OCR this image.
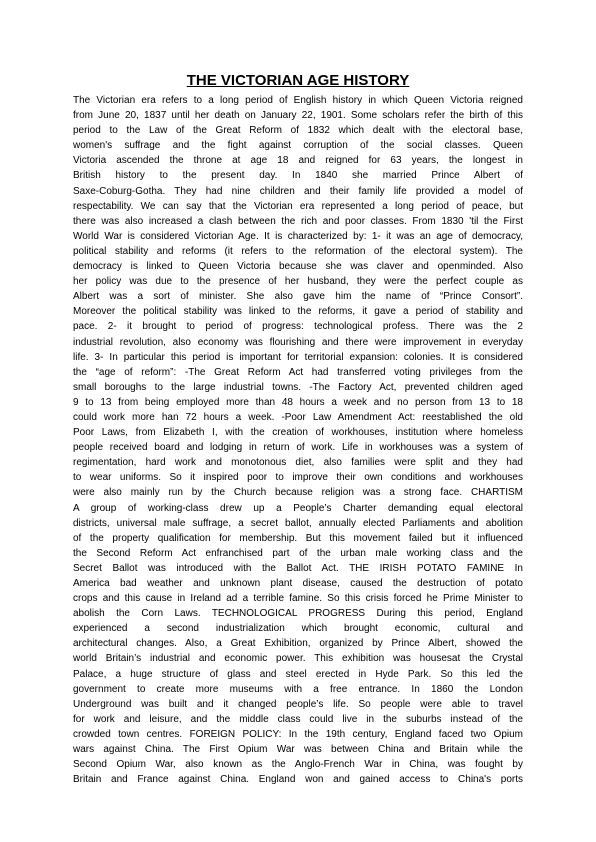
THE VICTORIAN AGE HISTORY
The Victorian era refers to a long period of English history in which Queen Victoria reigned
from June 20, 1837 until her death on January 22, 1901. Some scholars refer the birth of this
period to the Law of the Great Reform of 1832 which dealt with the electoral base,
women's suffrage and the fight against corruption of the social classes. Queen
Victoria ascended the throne at age 18 and reigned for 63 years, the longest in
British history to the present day. In 1840 she married Prince Albert of
Saxe-Coburg-Gotha. They had nine children and their family life provided a model of
respectability. We can say that the Victorian era represented a long period of peace, but
there was also increased a clash between the rich and poor classes. From 1830 'til the First
World War is considered Victorian Age. It is characterized by: 1- it was an age of democracy,
political stability and reforms (it refers to the reformation of the electoral system). The
democracy is linked to Queen Victoria because she was claver and openminded. Also
her policy was due to the presence of her husband, they were the perfect couple as
Albert was a sort of minister. She also gave him the name of “Prince Consort”.
Moreover the political stability was linked to the reforms, it gave a period of stability and
pace. 2- it brought to period of progress: technological profess. There was the 2
industrial revolution, also economy was flourishing and there were improvement in everyday
life. 3- In particular this period is important for territorial expansion: colonies. It is considered
the “age of reform”: -The Great Reform Act had transferred voting privileges from the
small boroughs to the large industrial towns. -The Factory Act, prevented children aged
9 to 13 from being employed more than 48 hours a week and no person from 13 to 18
could work more han 72 hours a week. -Poor Law Amendment Act: reestablished the old
Poor Laws, from Elizabeth I, with the creation of workhouses, institution where homeless
people received board and lodging in return of work. Life in workhouses was a system of
regimentation, hard work and monotonous diet, also families were split and they had
to wear uniforms. So it inspired poor to improve their own conditions and workhouses
were also mainly run by the Church because religion was a strong face. CHARTISM
A group of working-class drew up a People’s Charter demanding equal electoral
districts, universal male suffrage, a secret ballot, annually elected Parliaments and abolition
of the property qualification for membership. But this movement failed but it influenced
the Second Reform Act enfranchised part of the urban male working class and the
Secret Ballot was introduced with the Ballot Act. THE IRISH POTATO FAMINE In
America bad weather and unknown plant disease, caused the destruction of potato
crops and this cause in Ireland ad a terrible famine. So this crisis forced he Prime Minister to
abolish the Corn Laws. TECHNOLOGICAL PROGRESS During this period, England
experienced a second industrialization which brought economic, cultural and
architectural changes. Also, a Great Exhibition, organized by Prince Albert, showed the
world Britain’s industrial and economic power. This exhibition was housesat the Crystal
Palace, a huge structure of glass and steel erected in Hyde Park. So this led the
government to create more museums with a free entrance. In 1860 the London
Underground was built and it changed people’s life. So people were able to travel
for work and leisure, and the middle class could live in the suburbs instead of the
crowded town centres. FOREIGN POLICY: In the 19th century, England faced two Opium
wars against China. The First Opium War was between China and Britain while the
Second Opium War, also known as the Anglo-French War in China, was fought by
Britain and France against China. England won and gained access to China's ports
